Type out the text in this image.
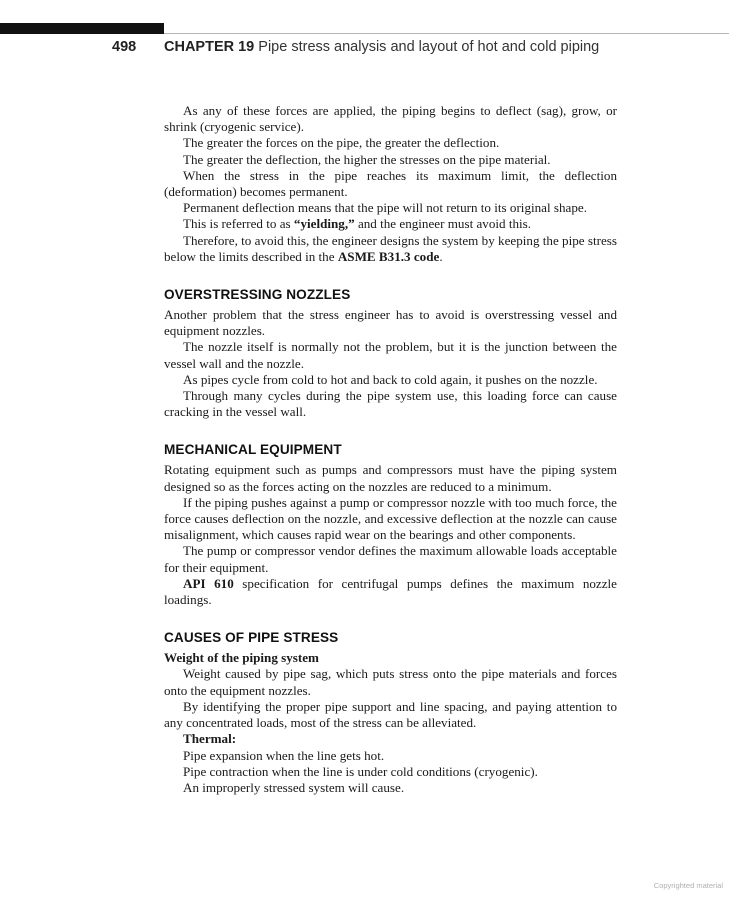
498 CHAPTER 19 Pipe stress analysis and layout of hot and cold piping

As any of these forces are applied, the piping begins to deflect (sag), grow, or shrink (cryogenic service).

The greater the forces on the pipe, the greater the deflection.

The greater the deflection, the higher the stresses on the pipe material.

When the stress in the pipe reaches its maximum limit, the deflection (deformation) becomes permanent.

Permanent deflection means that the pipe will not return to its original shape.

This is referred to as “yielding,” and the engineer must avoid this.

Therefore, to avoid this, the engineer designs the system by keeping the pipe stress below the limits described in the ASME B31.3 code.

OVERSTRESSING NOZZLES

Another problem that the stress engineer has to avoid is overstressing vessel and equipment nozzles.

The nozzle itself is normally not the problem, but it is the junction between the vessel wall and the nozzle.

As pipes cycle from cold to hot and back to cold again, it pushes on the nozzle.

Through many cycles during the pipe system use, this loading force can cause cracking in the vessel wall.

MECHANICAL EQUIPMENT

Rotating equipment such as pumps and compressors must have the piping system designed so as the forces acting on the nozzles are reduced to a minimum.

If the piping pushes against a pump or compressor nozzle with too much force, the force causes deflection on the nozzle, and excessive deflection at the nozzle can cause misalignment, which causes rapid wear on the bearings and other components.

The pump or compressor vendor defines the maximum allowable loads acceptable for their equipment.

API 610 specification for centrifugal pumps defines the maximum nozzle loadings.

CAUSES OF PIPE STRESS

Weight of the piping system

Weight caused by pipe sag, which puts stress onto the pipe materials and forces onto the equipment nozzles.

By identifying the proper pipe support and line spacing, and paying attention to any concentrated loads, most of the stress can be alleviated.

Thermal:

Pipe expansion when the line gets hot.

Pipe contraction when the line is under cold conditions (cryogenic).

An improperly stressed system will cause.

Copyrighted material
